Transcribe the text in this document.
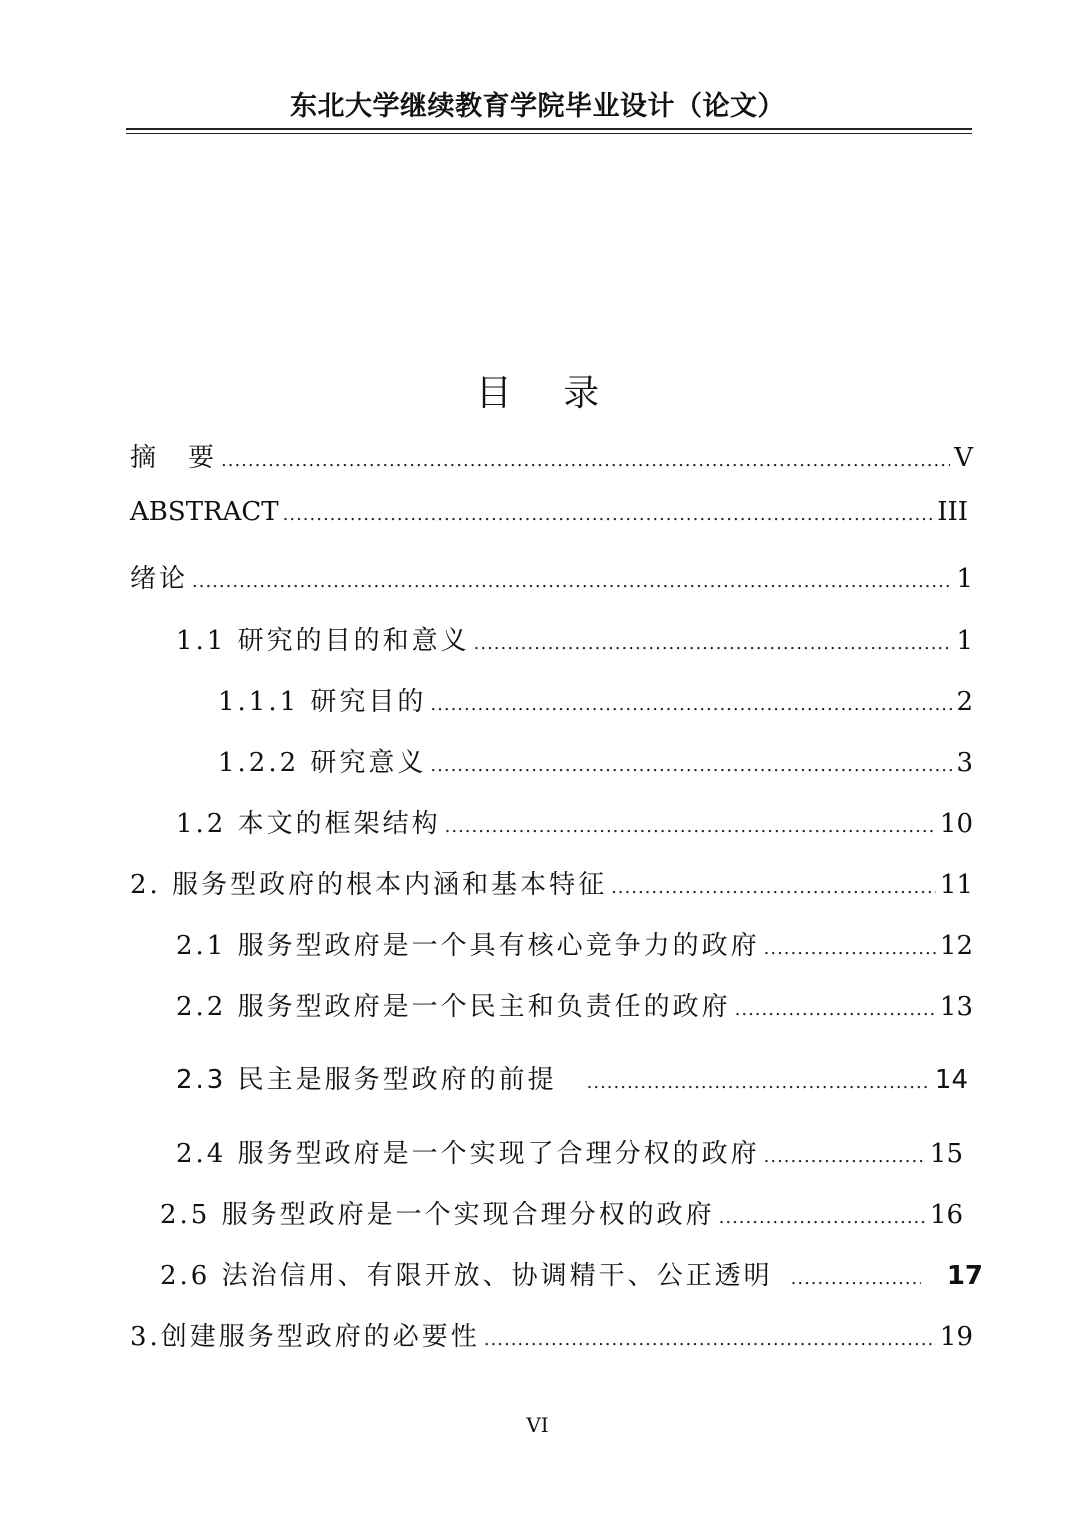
东北大学继续教育学院毕业设计（论文）
目 录
摘　要 .....	V
ABSTRACT .....	III
绪论 .....	1
1.1 研究的目的和意义 .....	1
1.1.1 研究目的 .....	2
1.2.2 研究意义 .....	3
1.2 本文的框架结构 .....	10
2. 服务型政府的根本内涵和基本特征 .....	11
2.1 服务型政府是一个具有核心竞争力的政府 .....	12
2.2 服务型政府是一个民主和负责任的政府 .....	13
2.3 民主是服务型政府的前提 .....	14
2.4 服务型政府是一个实现了合理分权的政府 .....	15
2.5 服务型政府是一个实现合理分权的政府 .....	16
2.6 法治信用、有限开放、协调精干、公正透明 .....	17
3.创建服务型政府的必要性 .....	19
VI
